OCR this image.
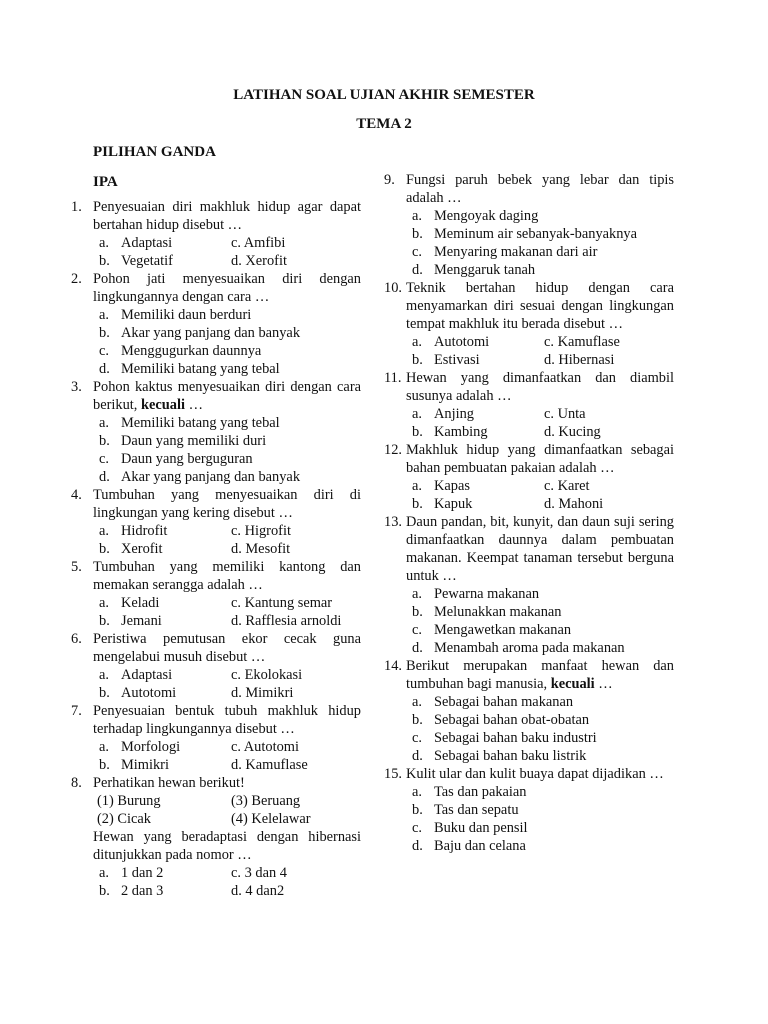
LATIHAN SOAL UJIAN AKHIR SEMESTER
TEMA 2
PILIHAN GANDA
IPA
1. Penyesuaian diri makhluk hidup agar dapat bertahan hidup disebut …
a. Adaptasi	c. Amfibi
b. Vegetatif	d. Xerofit
2. Pohon jati menyesuaikan diri dengan lingkungannya dengan cara …
a. Memiliki daun berduri
b. Akar yang panjang dan banyak
c. Menggugurkan daunnya
d. Memiliki batang yang tebal
3. Pohon kaktus menyesuaikan diri dengan cara berikut, kecuali …
a. Memiliki batang yang tebal
b. Daun yang memiliki duri
c. Daun yang berguguran
d. Akar yang panjang dan banyak
4. Tumbuhan yang menyesuaikan diri di lingkungan yang kering disebut …
a. Hidrofit	c. Higrofit
b. Xerofit	d. Mesofit
5. Tumbuhan yang memiliki kantong dan memakan serangga adalah …
a. Keladi	c. Kantung semar
b. Jemani	d. Rafflesia arnoldi
6. Peristiwa pemutusan ekor cecak guna mengelabui musuh disebut …
a. Adaptasi	c. Ekolokasi
b. Autotomi	d. Mimikri
7. Penyesuaian bentuk tubuh makhluk hidup terhadap lingkungannya disebut …
a. Morfologi	c. Autotomi
b. Mimikri	d. Kamuflase
8. Perhatikan hewan berikut!
(1) Burung	(3) Beruang
(2) Cicak	(4) Kelelawar
Hewan yang beradaptasi dengan hibernasi ditunjukkan pada nomor …
a. 1 dan 2	c. 3 dan 4
b. 2 dan 3	d. 4 dan2
9. Fungsi paruh bebek yang lebar dan tipis adalah …
a. Mengoyak daging
b. Meminum air sebanyak-banyaknya
c. Menyaring makanan dari air
d. Menggaruk tanah
10. Teknik bertahan hidup dengan cara menyamarkan diri sesuai dengan lingkungan tempat makhluk itu berada disebut …
a. Autotomi	c. Kamuflase
b. Estivasi	d. Hibernasi
11. Hewan yang dimanfaatkan dan diambil susunya adalah …
a. Anjing	c. Unta
b. Kambing	d. Kucing
12. Makhluk hidup yang dimanfaatkan sebagai bahan pembuatan pakaian adalah …
a. Kapas	c. Karet
b. Kapuk	d. Mahoni
13. Daun pandan, bit, kunyit, dan daun suji sering dimanfaatkan daunnya dalam pembuatan makanan. Keempat tanaman tersebut berguna untuk …
a. Pewarna makanan
b. Melunakkan makanan
c. Mengawetkan makanan
d. Menambah aroma pada makanan
14. Berikut merupakan manfaat hewan dan tumbuhan bagi manusia, kecuali …
a. Sebagai bahan makanan
b. Sebagai bahan obat-obatan
c. Sebagai bahan baku industri
d. Sebagai bahan baku listrik
15. Kulit ular dan kulit buaya dapat dijadikan …
a. Tas dan pakaian
b. Tas dan sepatu
c. Buku dan pensil
d. Baju dan celana
